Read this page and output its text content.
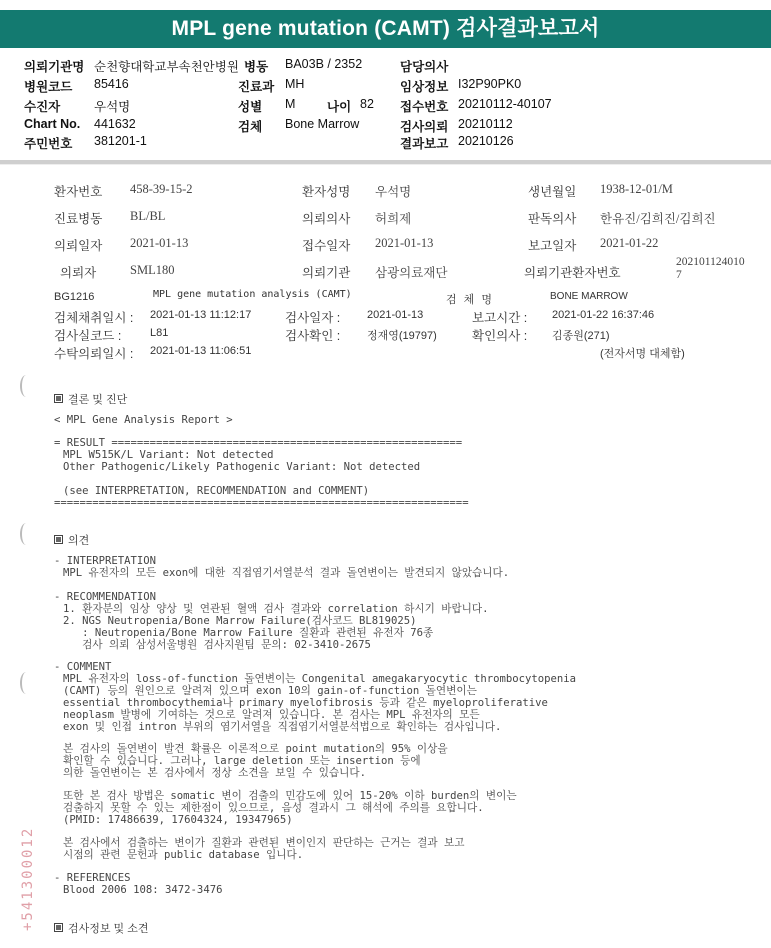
MPL gene mutation (CAMT) 검사결과보고서
의뢰기관명 순천향대학교부속천안병원
병원코드 85416
수진자	우석명
Chart No. 441632
주민번호 381201-1
병동 BA03B / 2352
진료과 MH
성별 M	나이 82
검체 Bone Marrow
담당의사
임상정보 I32P90PK0
접수번호 20210112-40107
검사의뢰 20210112
결과보고 20210126
환자번호 458-39-15-2	환자성명 우석명	생년월일 1938-12-01/M
진료병동 BL/BL	의뢰의사 허희제	판독의사 한유진/김희진/김희진
의뢰일자 2021-01-13	접수일자 2021-01-13	보고일자 2021-01-22
의뢰자	SML180	의뢰기관 삼광의료재단	의뢰기관환자번호
202101124010 7
BG1216	MPL gene mutation analysis (CAMT)	검 체 명	BONE MARROW
검체채취일시 : 2021-01-13 11:12:17	검사일자 : 2021-01-13	보고시간 : 2021-01-22 16:37:46
검사실코드 :	L81	검사확인 : 정재영(19797)	확인의사 : 김종원(271)
수탁의뢰일시 : 2021-01-13 11:06:51	(전자서명 대체함)
결론 및 진단
< MPL Gene Analysis Report >
= RESULT =======================================================
MPL W515K/L Variant: Not detected
Other Pathogenic/Likely Pathogenic Variant: Not detected
(see INTERPRETATION, RECOMMENDATION and COMMENT)
=================================================================
의견
- INTERPRETATION
MPL 유전자의 모든 exon에 대한 직접염기서열분석 결과 돌연변이는 발견되지 않았습니다.
- RECOMMENDATION
1. 환자분의 임상 양상 및 연관된 혈액 검사 결과와 correlation 하시기 바랍니다.
2. NGS Neutropenia/Bone Marrow Failure(검사코드 BL819025)
: Neutropenia/Bone Marrow Failure 질환과 관련된 유전자 76종
검사 의뢰 삼성서울병원 검사지원팀 문의: 02-3410-2675
- COMMENT
MPL 유전자의 loss-of-function 돌연변이는 Congenital amegakaryocytic thrombocytopenia
(CAMT) 등의 원인으로 알려져 있으며 exon 10의 gain-of-function 돌연변이는
essential thrombocythemia나 primary myelofibrosis 등과 같은 myeloproliferative
neoplasm 발병에 기여하는 것으로 알려져 있습니다. 본 검사는 MPL 유전자의 모든
exon 및 인접 intron 부위의 염기서열을 직접염기서열분석법으로 확인하는 검사입니다.
본 검사의 돌연변이 발견 확률은 이론적으로 point mutation의 95% 이상을
확인할 수 있습니다. 그러나, large deletion 또는 insertion 등에
의한 돌연변이는 본 검사에서 정상 소견을 보일 수 있습니다.
또한 본 검사 방법은 somatic 변이 검출의 민감도에 있어 15-20% 이하 burden의 변이는
검출하지 못할 수 있는 제한점이 있으므로, 음성 결과시 그 해석에 주의를 요합니다.
(PMID: 17486639, 17604324, 19347965)
본 검사에서 검출하는 변이가 질환과 관련된 변이인지 판단하는 근거는 결과 보고
시점의 관련 문헌과 public database 입니다.
- REFERENCES
Blood 2006 108: 3472-3476
검사정보 및 소견
+541300012
